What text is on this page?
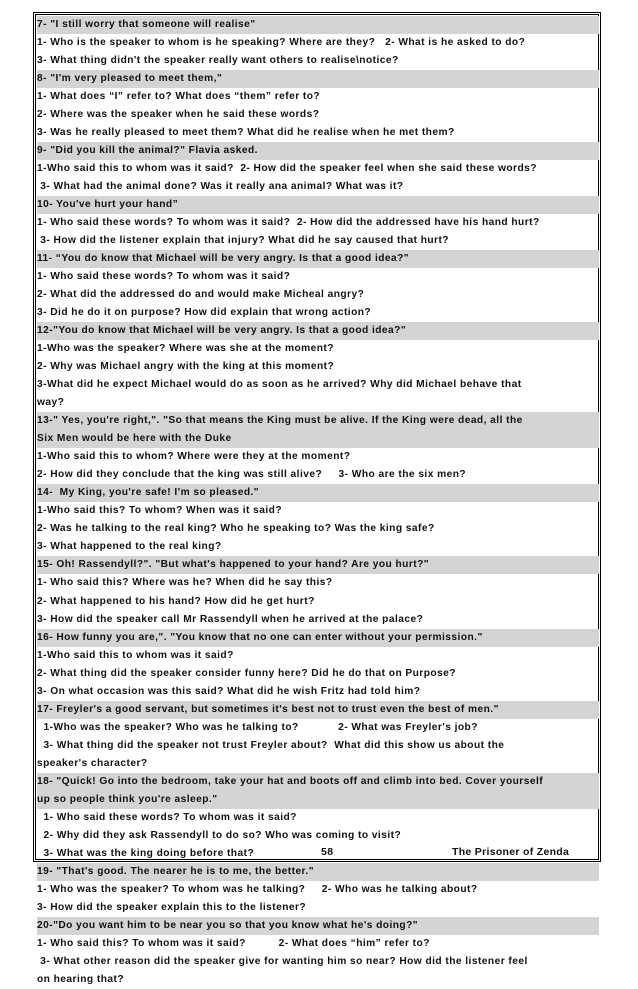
7- "I still worry that someone will realise"
1- Who is the speaker to whom is he speaking? Where are they?   2- What is he asked to do?
3- What thing didn't the speaker really want others to realise\notice?
8- "I'm very pleased to meet them,"
1- What does “I” refer to? What does “them” refer to?
2- Where was the speaker when he said these words?
3- Was he really pleased to meet them? What did he realise when he met them?
9- "Did you kill the animal?" Flavia asked.
1-Who said this to whom was it said?  2- How did the speaker feel when she said these words?
3- What had the animal done? Was it really ana animal? What was it?
10- You've hurt your hand”
1- Who said these words? To whom was it said?  2- How did the addressed have his hand hurt?
3- How did the listener explain that injury? What did he say caused that hurt?
11- “You do know that Michael will be very angry. Is that a good idea?"
1- Who said these words? To whom was it said?
2- What did the addressed do and would make Micheal angry?
3- Did he do it on purpose? How did explain that wrong action?
12-"You do know that Michael will be very angry. Is that a good idea?"
1-Who was the speaker? Where was she at the moment?
2- Why was Michael angry with the king at this moment?
3-What did he expect Michael would do as soon as he arrived? Why did Michael behave that
way?
13-" Yes, you're right,". "So that means the King must be alive. If the King were dead, all the
Six Men would be here with the Duke
1-Who said this to whom? Where were they at the moment?
2- How did they conclude that the king was still alive?     3- Who are the six men?
14-  My King, you're safe! I'm so pleased."
1-Who said this? To whom? When was it said?
2- Was he talking to the real king? Who he speaking to? Was the king safe?
3- What happened to the real king?
15- Oh! Rassendyll?". "But what's happened to your hand? Are you hurt?"
1- Who said this? Where was he? When did he say this?
2- What happened to his hand? How did he get hurt?
3- How did the speaker call Mr Rassendyll when he arrived at the palace?
16- How funny you are,". "You know that no one can enter without your permission."
1-Who said this to whom was it said?
2- What thing did the speaker consider funny here? Did he do that on Purpose?
3- On what occasion was this said? What did he wish Fritz had told him?
17- Freyler's a good servant, but sometimes it's best not to trust even the best of men."
1-Who was the speaker? Who was he talking to?            2- What was Freyler's job?
3- What thing did the speaker not trust Freyler about?  What did this show us about the
speaker's character?
18- "Quick! Go into the bedroom, take your hat and boots off and climb into bed. Cover yourself
up so people think you're asleep."
1- Who said these words? To whom was it said?
2- Why did they ask Rassendyll to do so? Who was coming to visit?
3- What was the king doing before that?
19- "That's good. The nearer he is to me, the better."
1- Who was the speaker? To whom was he talking?     2- Who was he talking about?
3- How did the speaker explain this to the listener?
20-"Do you want him to be near you so that you know what he's doing?"
1- Who said this? To whom was it said?          2- What does “him” refer to?
3- What other reason did the speaker give for wanting him so near? How did the listener feel
on hearing that?
58	The Prisoner of Zenda
